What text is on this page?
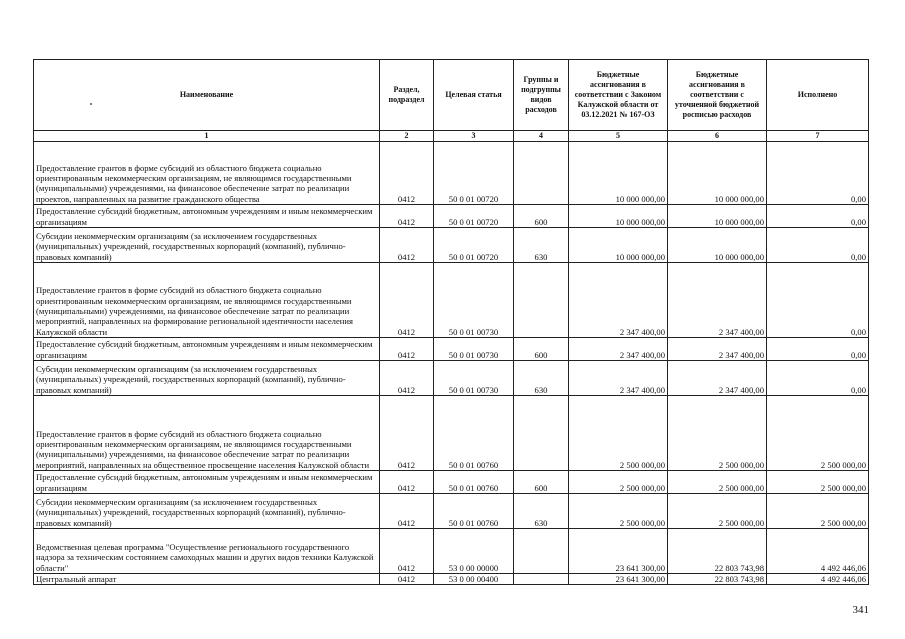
Наименование	Раздел, подраздел	Целевая статья	Группы и подгруппы видов расходов	Бюджетные ассигнования в соответствии с Законом Калужской области от 03.12.2021 № 167-ОЗ	Бюджетные ассигнования в соответствии с уточненной бюджетной росписью расходов	Исполнено
1	2	3	4	5	6	7
Предоставление грантов в форме субсидий из областного бюджета социально ориентированным некоммерческим организациям, не являющимся государственными (муниципальными) учреждениями, на финансовое обеспечение затрат по реализации проектов, направленных на развитие гражданского общества	0412	50 0 01 00720		10 000 000,00	10 000 000,00	0,00
Предоставление субсидий бюджетным, автономным учреждениям и иным некоммерческим организациям	0412	50 0 01 00720	600	10 000 000,00	10 000 000,00	0,00
Субсидии некоммерческим организациям (за исключением государственных (муниципальных) учреждений, государственных корпораций (компаний), публично-правовых компаний)	0412	50 0 01 00720	630	10 000 000,00	10 000 000,00	0,00
Предоставление грантов в форме субсидий из областного бюджета социально ориентированным некоммерческим организациям, не являющимся государственными (муниципальными) учреждениями, на финансовое обеспечение затрат по реализации мероприятий, направленных на формирование региональной идентичности населения Калужской области	0412	50 0 01 00730		2 347 400,00	2 347 400,00	0,00
Предоставление субсидий бюджетным, автономным учреждениям и иным некоммерческим организациям	0412	50 0 01 00730	600	2 347 400,00	2 347 400,00	0,00
Субсидии некоммерческим организациям (за исключением государственных (муниципальных) учреждений, государственных корпораций (компаний), публично-правовых компаний)	0412	50 0 01 00730	630	2 347 400,00	2 347 400,00	0,00
Предоставление грантов в форме субсидий из областного бюджета социально ориентированным некоммерческим организациям, не являющимся государственными (муниципальными) учреждениями, на финансовое обеспечение затрат по реализации мероприятий, направленных на общественное просвещение населения Калужской области	0412	50 0 01 00760		2 500 000,00	2 500 000,00	2 500 000,00
Предоставление субсидий бюджетным, автономным учреждениям и иным некоммерческим организациям	0412	50 0 01 00760	600	2 500 000,00	2 500 000,00	2 500 000,00
Субсидии некоммерческим организациям (за исключением государственных (муниципальных) учреждений, государственных корпораций (компаний), публично-правовых компаний)	0412	50 0 01 00760	630	2 500 000,00	2 500 000,00	2 500 000,00
Ведомственная целевая программа "Осуществление регионального государственного надзора за техническим состоянием самоходных машин и других видов техники Калужской области"	0412	53 0 00 00000		23 641 300,00	22 803 743,98	4 492 446,06
Центральный аппарат	0412	53 0 00 00400		23 641 300,00	22 803 743,98	4 492 446,06
341
